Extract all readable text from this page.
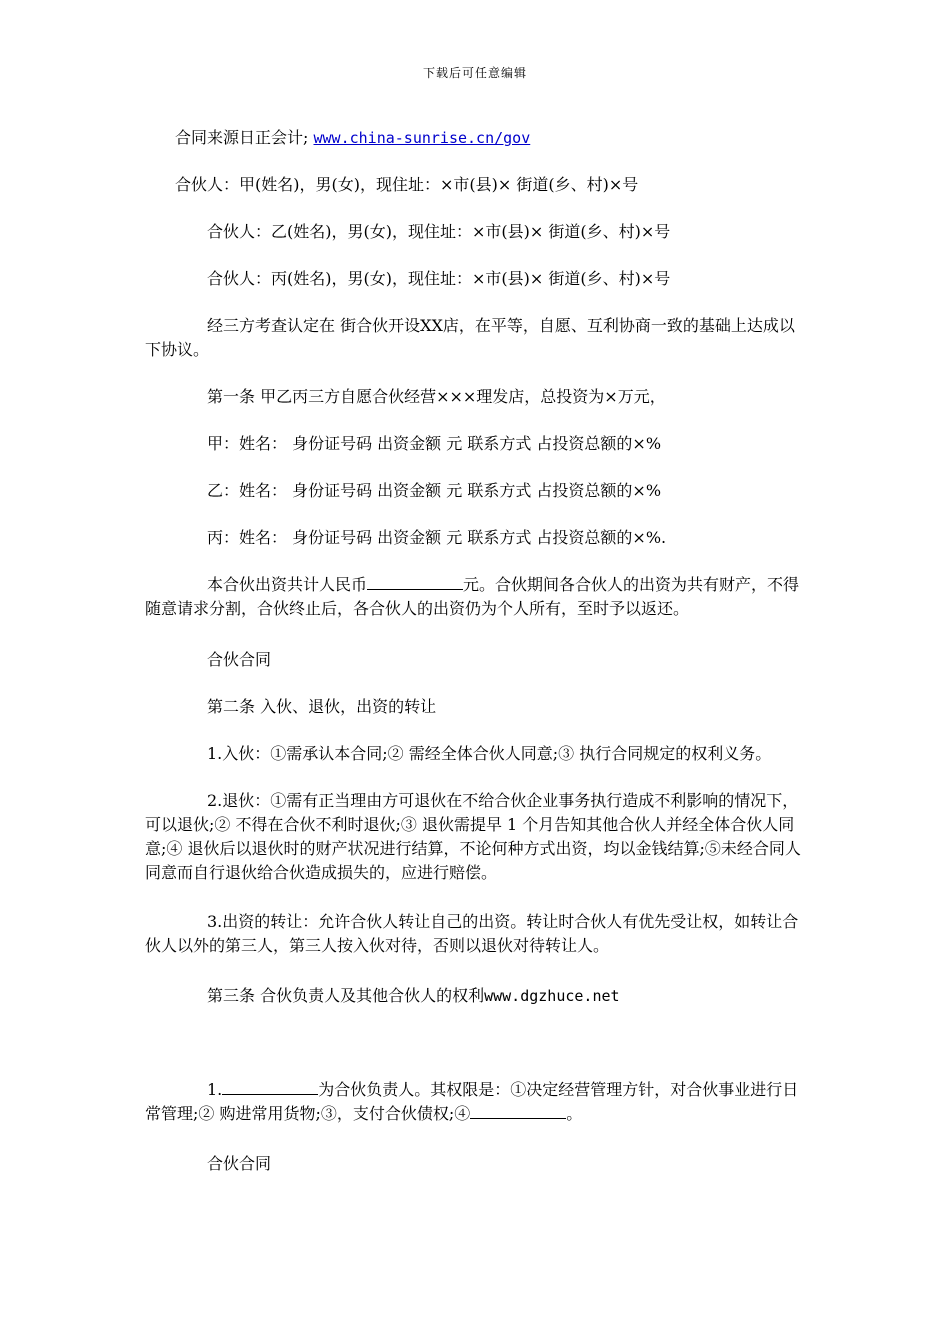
下载后可任意编辑

合同来源日正会计; www.china-sunrise.cn/gov

合伙人：甲(姓名)，男(女)，现住址：×市(县)× 街道(乡、村)×号

合伙人：乙(姓名)，男(女)，现住址：×市(县)× 街道(乡、村)×号

合伙人：丙(姓名)，男(女)，现住址：×市(县)× 街道(乡、村)×号

经三方考查认定在 街合伙开设XX店，在平等，自愿、互利协商一致的基础上达成以下协议。

第一条 甲乙丙三方自愿合伙经营×××理发店，总投资为×万元，

甲：姓名： 身份证号码 出资金额 元 联系方式 占投资总额的×%

乙：姓名： 身份证号码 出资金额 元 联系方式 占投资总额的×%

丙：姓名： 身份证号码 出资金额 元 联系方式 占投资总额的×%.

本合伙出资共计人民币	元。合伙期间各合伙人的出资为共有财产，不得随意请求分割，合伙终止后，各合伙人的出资仍为个人所有，至时予以返还。

合伙合同

第二条 入伙、退伙，出资的转让

1.入伙：①需承认本合同;② 需经全体合伙人同意;③ 执行合同规定的权利义务。

2.退伙：①需有正当理由方可退伙在不给合伙企业事务执行造成不利影响的情况下，可以退伙;② 不得在合伙不利时退伙;③ 退伙需提早 1 个月告知其他合伙人并经全体合伙人同意;④ 退伙后以退伙时的财产状况进行结算，不论何种方式出资，均以金钱结算;⑤未经合同人同意而自行退伙给合伙造成损失的，应进行赔偿。

3.出资的转让：允许合伙人转让自己的出资。转让时合伙人有优先受让权，如转让合伙人以外的第三人，第三人按入伙对待，否则以退伙对待转让人。

第三条 合伙负责人及其他合伙人的权利www.dgzhuce.net

1.	为合伙负责人。其权限是：①决定经营管理方针，对合伙事业进行日常管理;② 购进常用货物;③，支付合伙债权;④	。

合伙合同
